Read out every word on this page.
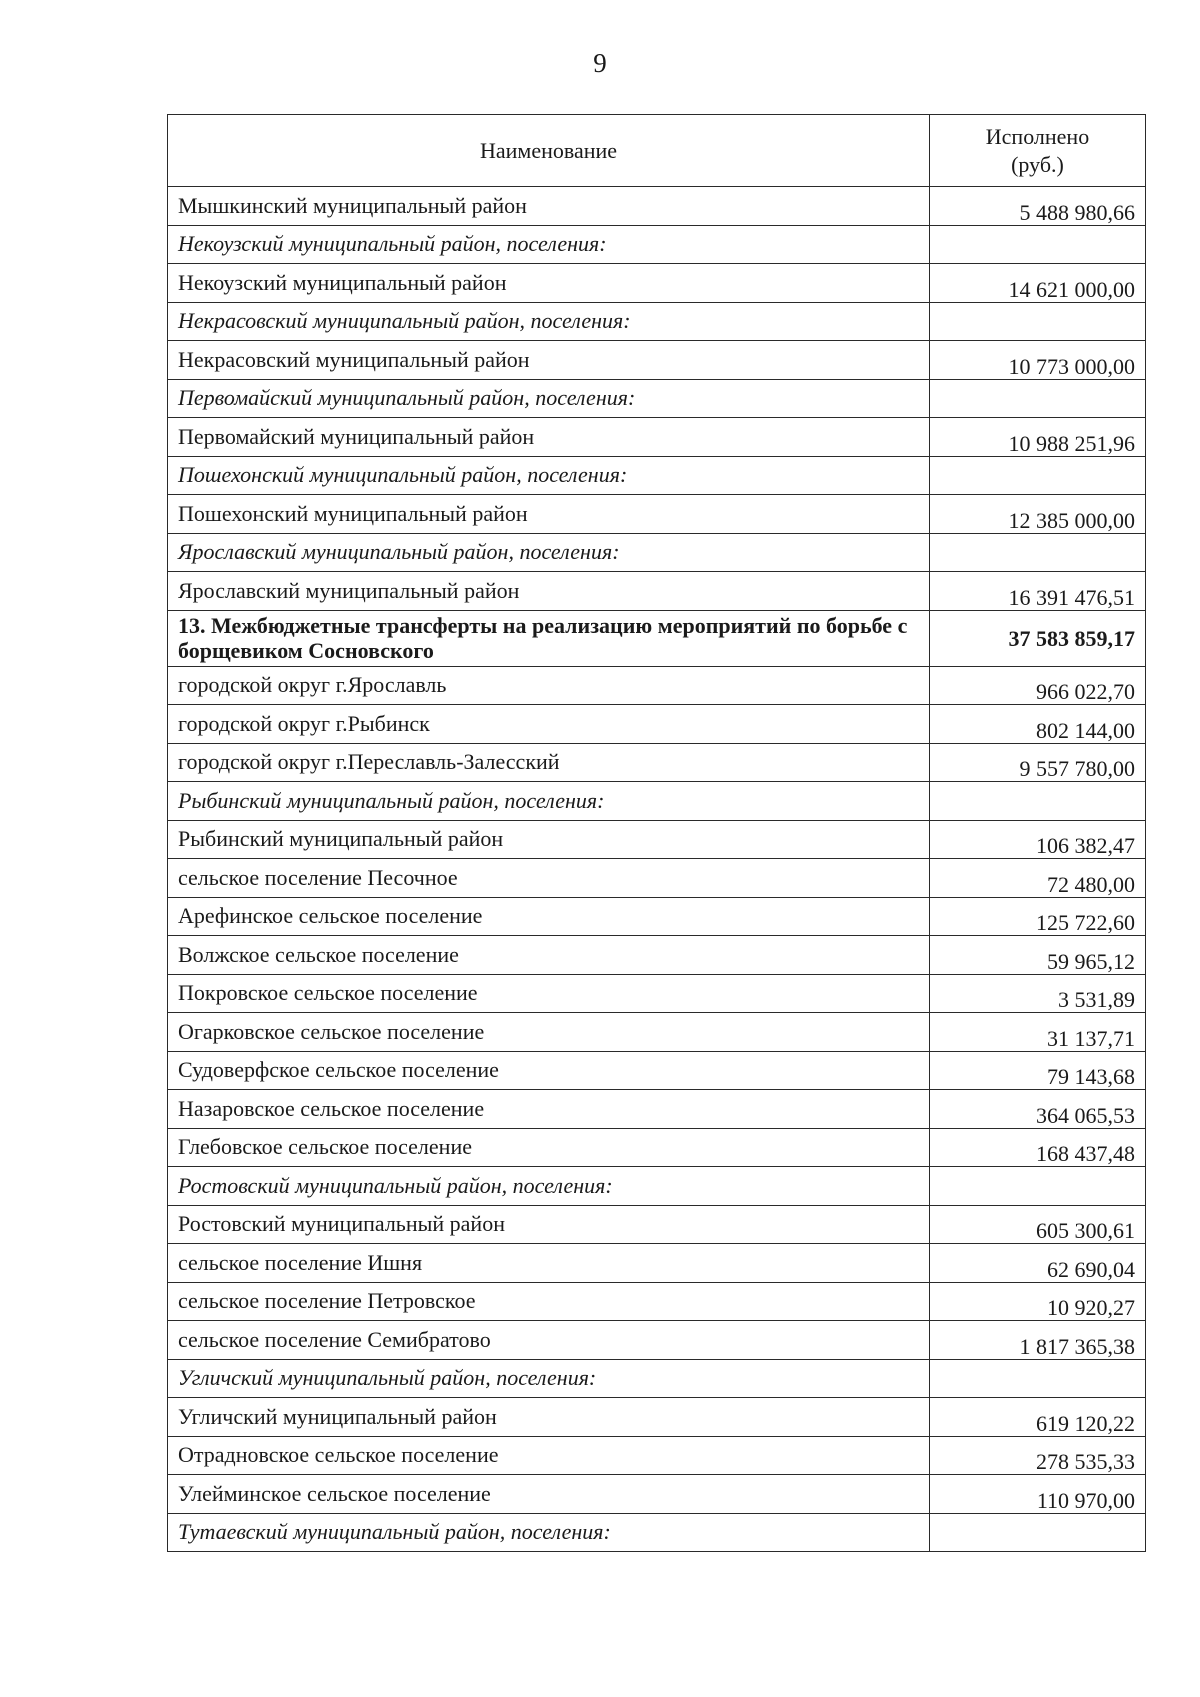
9
Наименование	Исполнено
(руб.)
Мышкинский муниципальный район	5 488 980,66
Некоузский муниципальный район, поселения:	
Некоузский муниципальный район	14 621 000,00
Некрасовский муниципальный район, поселения:	
Некрасовский муниципальный район	10 773 000,00
Первомайский муниципальный район, поселения:	
Первомайский муниципальный район	10 988 251,96
Пошехонский муниципальный район, поселения:	
Пошехонский муниципальный район	12 385 000,00
Ярославский муниципальный район, поселения:	
Ярославский муниципальный район	16 391 476,51
13. Межбюджетные трансферты на реализацию мероприятий по борьбе с борщевиком Сосновского	37 583 859,17
городской округ г.Ярославль	966 022,70
городской округ г.Рыбинск	802 144,00
городской округ г.Переславль-Залесский	9 557 780,00
Рыбинский муниципальный район, поселения:	
Рыбинский муниципальный район	106 382,47
сельское поселение Песочное	72 480,00
Арефинское сельское поселение	125 722,60
Волжское сельское поселение	59 965,12
Покровское сельское поселение	3 531,89
Огарковское сельское поселение	31 137,71
Судоверфское сельское поселение	79 143,68
Назаровское сельское поселение	364 065,53
Глебовское сельское поселение	168 437,48
Ростовский муниципальный район, поселения:	
Ростовский муниципальный район	605 300,61
сельское поселение Ишня	62 690,04
сельское поселение Петровское	10 920,27
сельское поселение Семибратово	1 817 365,38
Угличский муниципальный район, поселения:	
Угличский муниципальный район	619 120,22
Отрадновское сельское поселение	278 535,33
Улейминское сельское поселение	110 970,00
Тутаевский муниципальный район, поселения:	
